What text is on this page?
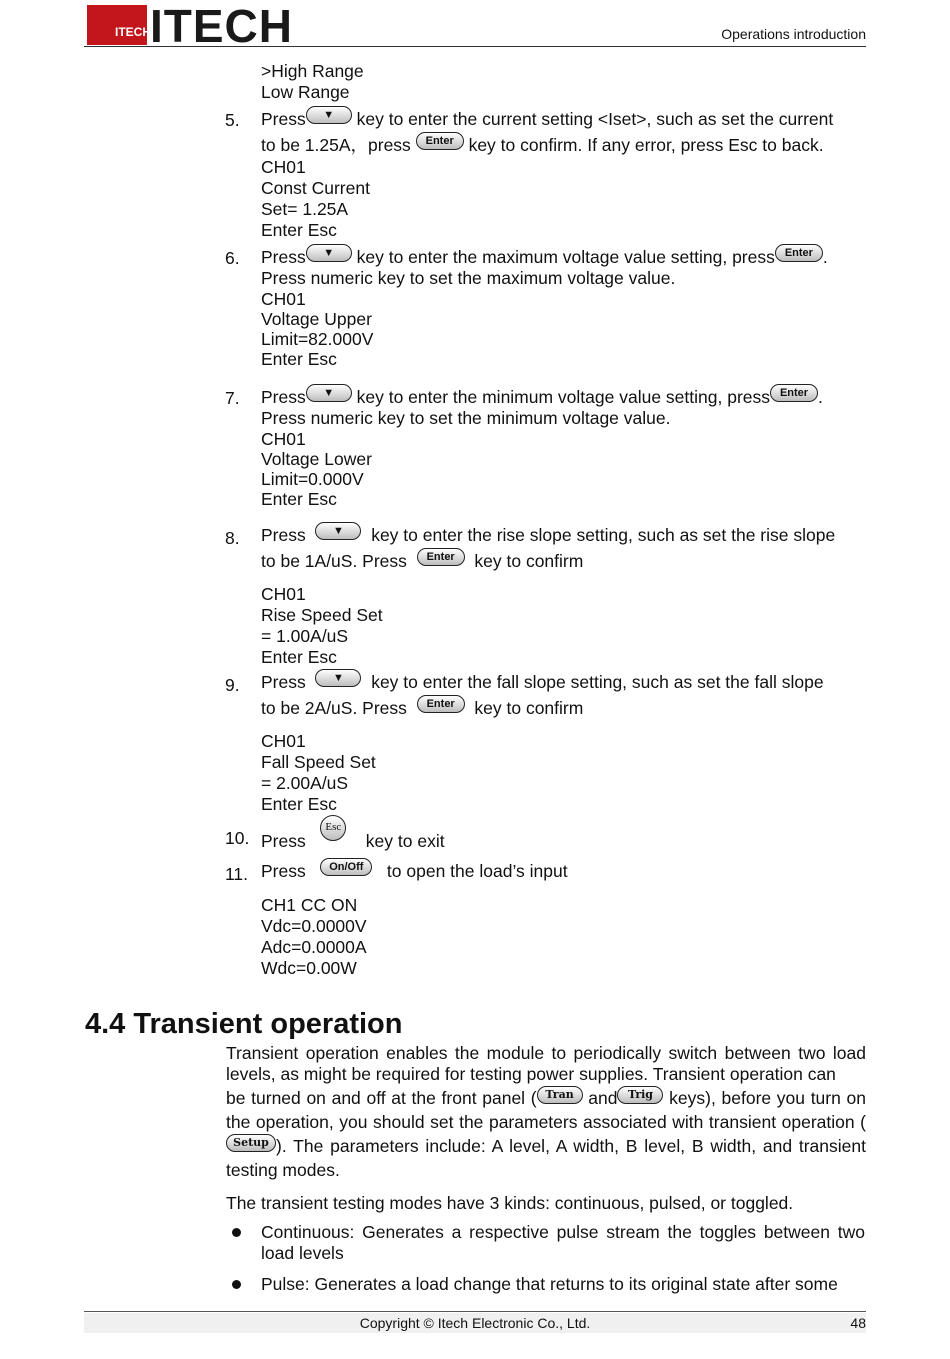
ITECH ITECH	Operations introduction
>High Range
Low Range
5. Press ▼ key to enter the current setting <Iset>, such as set the current
to be 1.25A，press Enter key to confirm. If any error, press Esc to back.
CH01
Const Current
Set= 1.25A
Enter Esc
6. Press ▼ key to enter the maximum voltage value setting, press Enter .
Press numeric key to set the maximum voltage value.
CH01
Voltage Upper
Limit=82.000V
Enter Esc
7. Press ▼ key to enter the minimum voltage value setting, press Enter .
Press numeric key to set the minimum voltage value.
CH01
Voltage Lower
Limit=0.000V
Enter Esc
8. Press ▼ key to enter the rise slope setting, such as set the rise slope
to be 1A/uS. Press Enter key to confirm
CH01
Rise Speed Set
= 1.00A/uS
Enter Esc
9. Press ▼ key to enter the fall slope setting, such as set the fall slope
to be 2A/uS. Press Enter key to confirm
CH01
Fall Speed Set
= 2.00A/uS
Enter Esc
10. Press   Esc    key to exit
11. Press On/Off to open the load’s input
CH1 CC ON
Vdc=0.0000V
Adc=0.0000A
Wdc=0.00W
4.4 Transient operation
Transient operation enables the module to periodically switch between two load levels, as might be required for testing power supplies. Transient operation can
be turned on and off at the front panel ( Tran and Trig keys), before you turn on the operation, you should set the parameters associated with transient operation (Setup ). The parameters include: A level, A width, B level, B width, and transient testing modes.
The transient testing modes have 3 kinds: continuous, pulsed, or toggled.
Continuous: Generates a respective pulse stream the toggles between two load levels
Pulse: Generates a load change that returns to its original state after some
Copyright © Itech Electronic Co., Ltd.	48
